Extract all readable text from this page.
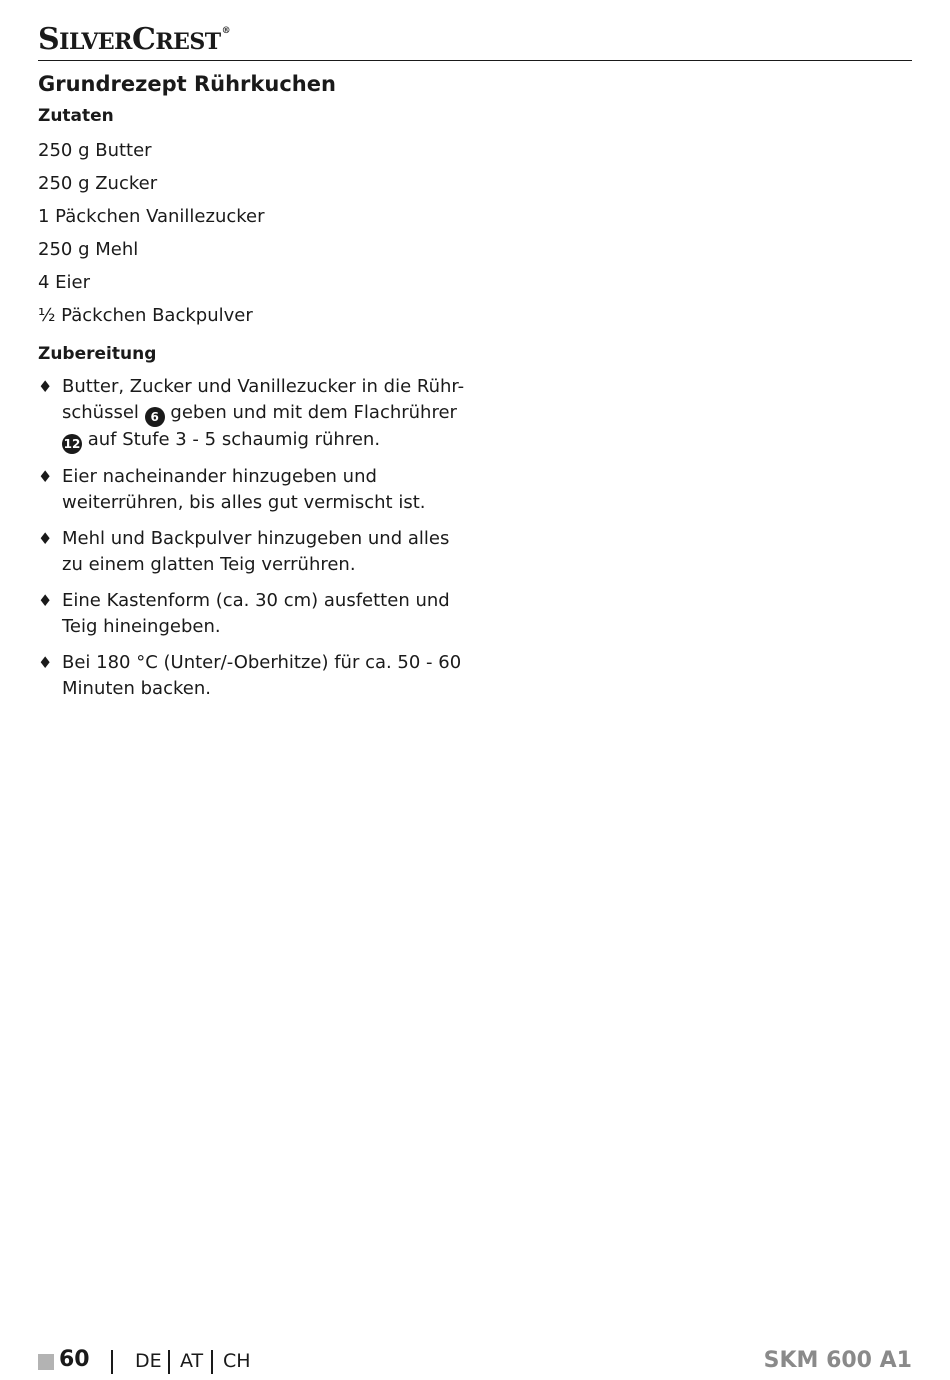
SILVERCREST®
Grundrezept Rührkuchen
Zutaten
250 g Butter
250 g Zucker
1 Päckchen Vanillezucker
250 g Mehl
4 Eier
½ Päckchen Backpulver
Zubereitung
♦ Butter, Zucker und Vanillezucker in die Rühr-schüssel 6 geben und mit dem Flachrührer 12 auf Stufe 3 - 5 schaumig rühren.
♦ Eier nacheinander hinzugeben und weiterrühren, bis alles gut vermischt ist.
♦ Mehl und Backpulver hinzugeben und alles zu einem glatten Teig verrühren.
♦ Eine Kastenform (ca. 30 cm) ausfetten und Teig hineingeben.
♦ Bei 180 °C (Unter/-Oberhitze) für ca. 50 - 60 Minuten backen.
60 DE AT CH	SKM 600 A1
